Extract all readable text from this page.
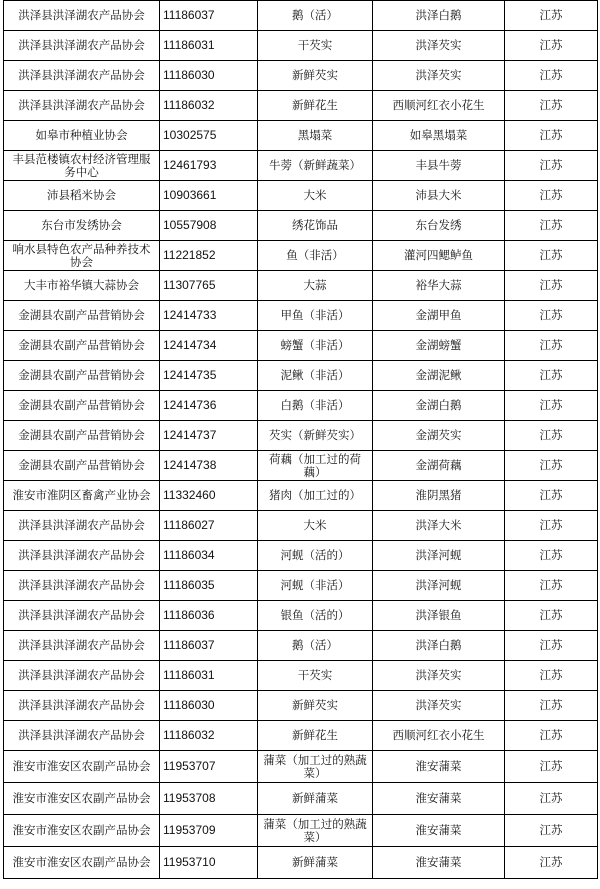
洪泽县洪泽湖农产品协会	11186037	鹅（活）	洪泽白鹅	江苏
洪泽县洪泽湖农产品协会	11186031	干芡实	洪泽芡实	江苏
洪泽县洪泽湖农产品协会	11186030	新鲜芡实	洪泽芡实	江苏
洪泽县洪泽湖农产品协会	11186032	新鲜花生	西顺河红衣小花生	江苏
如皋市种植业协会	10302575	黑塌菜	如皋黑塌菜	江苏
丰县范楼镇农村经济管理服务中心	12461793	牛蒡（新鲜蔬菜）	丰县牛蒡	江苏
沛县稻米协会	10903661	大米	沛县大米	江苏
东台市发绣协会	10557908	绣花饰品	东台发绣	江苏
响水县特色农产品种养技术协会	11221852	鱼（非活）	灌河四鳃鲈鱼	江苏
大丰市裕华镇大蒜协会	11307765	大蒜	裕华大蒜	江苏
金湖县农副产品营销协会	12414733	甲鱼（非活）	金湖甲鱼	江苏
金湖县农副产品营销协会	12414734	螃蟹（非活）	金湖螃蟹	江苏
金湖县农副产品营销协会	12414735	泥鳅（非活）	金湖泥鳅	江苏
金湖县农副产品营销协会	12414736	白鹅（非活）	金湖白鹅	江苏
金湖县农副产品营销协会	12414737	芡实（新鲜芡实）	金湖芡实	江苏
金湖县农副产品营销协会	12414738	荷藕（加工过的荷藕）	金湖荷藕	江苏
淮安市淮阴区畜禽产业协会	11332460	猪肉（加工过的）	淮阴黑猪	江苏
洪泽县洪泽湖农产品协会	11186027	大米	洪泽大米	江苏
洪泽县洪泽湖农产品协会	11186034	河蚬（活的）	洪泽河蚬	江苏
洪泽县洪泽湖农产品协会	11186035	河蚬（非活）	洪泽河蚬	江苏
洪泽县洪泽湖农产品协会	11186036	银鱼（活的）	洪泽银鱼	江苏
洪泽县洪泽湖农产品协会	11186037	鹅（活）	洪泽白鹅	江苏
洪泽县洪泽湖农产品协会	11186031	干芡实	洪泽芡实	江苏
洪泽县洪泽湖农产品协会	11186030	新鲜芡实	洪泽芡实	江苏
洪泽县洪泽湖农产品协会	11186032	新鲜花生	西顺河红衣小花生	江苏
淮安市淮安区农副产品协会	11953707	蒲菜（加工过的熟蔬菜）	淮安蒲菜	江苏
淮安市淮安区农副产品协会	11953708	新鲜蒲菜	淮安蒲菜	江苏
淮安市淮安区农副产品协会	11953709	蒲菜（加工过的熟蔬菜）	淮安蒲菜	江苏
淮安市淮安区农副产品协会	11953710	新鲜蒲菜	淮安蒲菜	江苏
